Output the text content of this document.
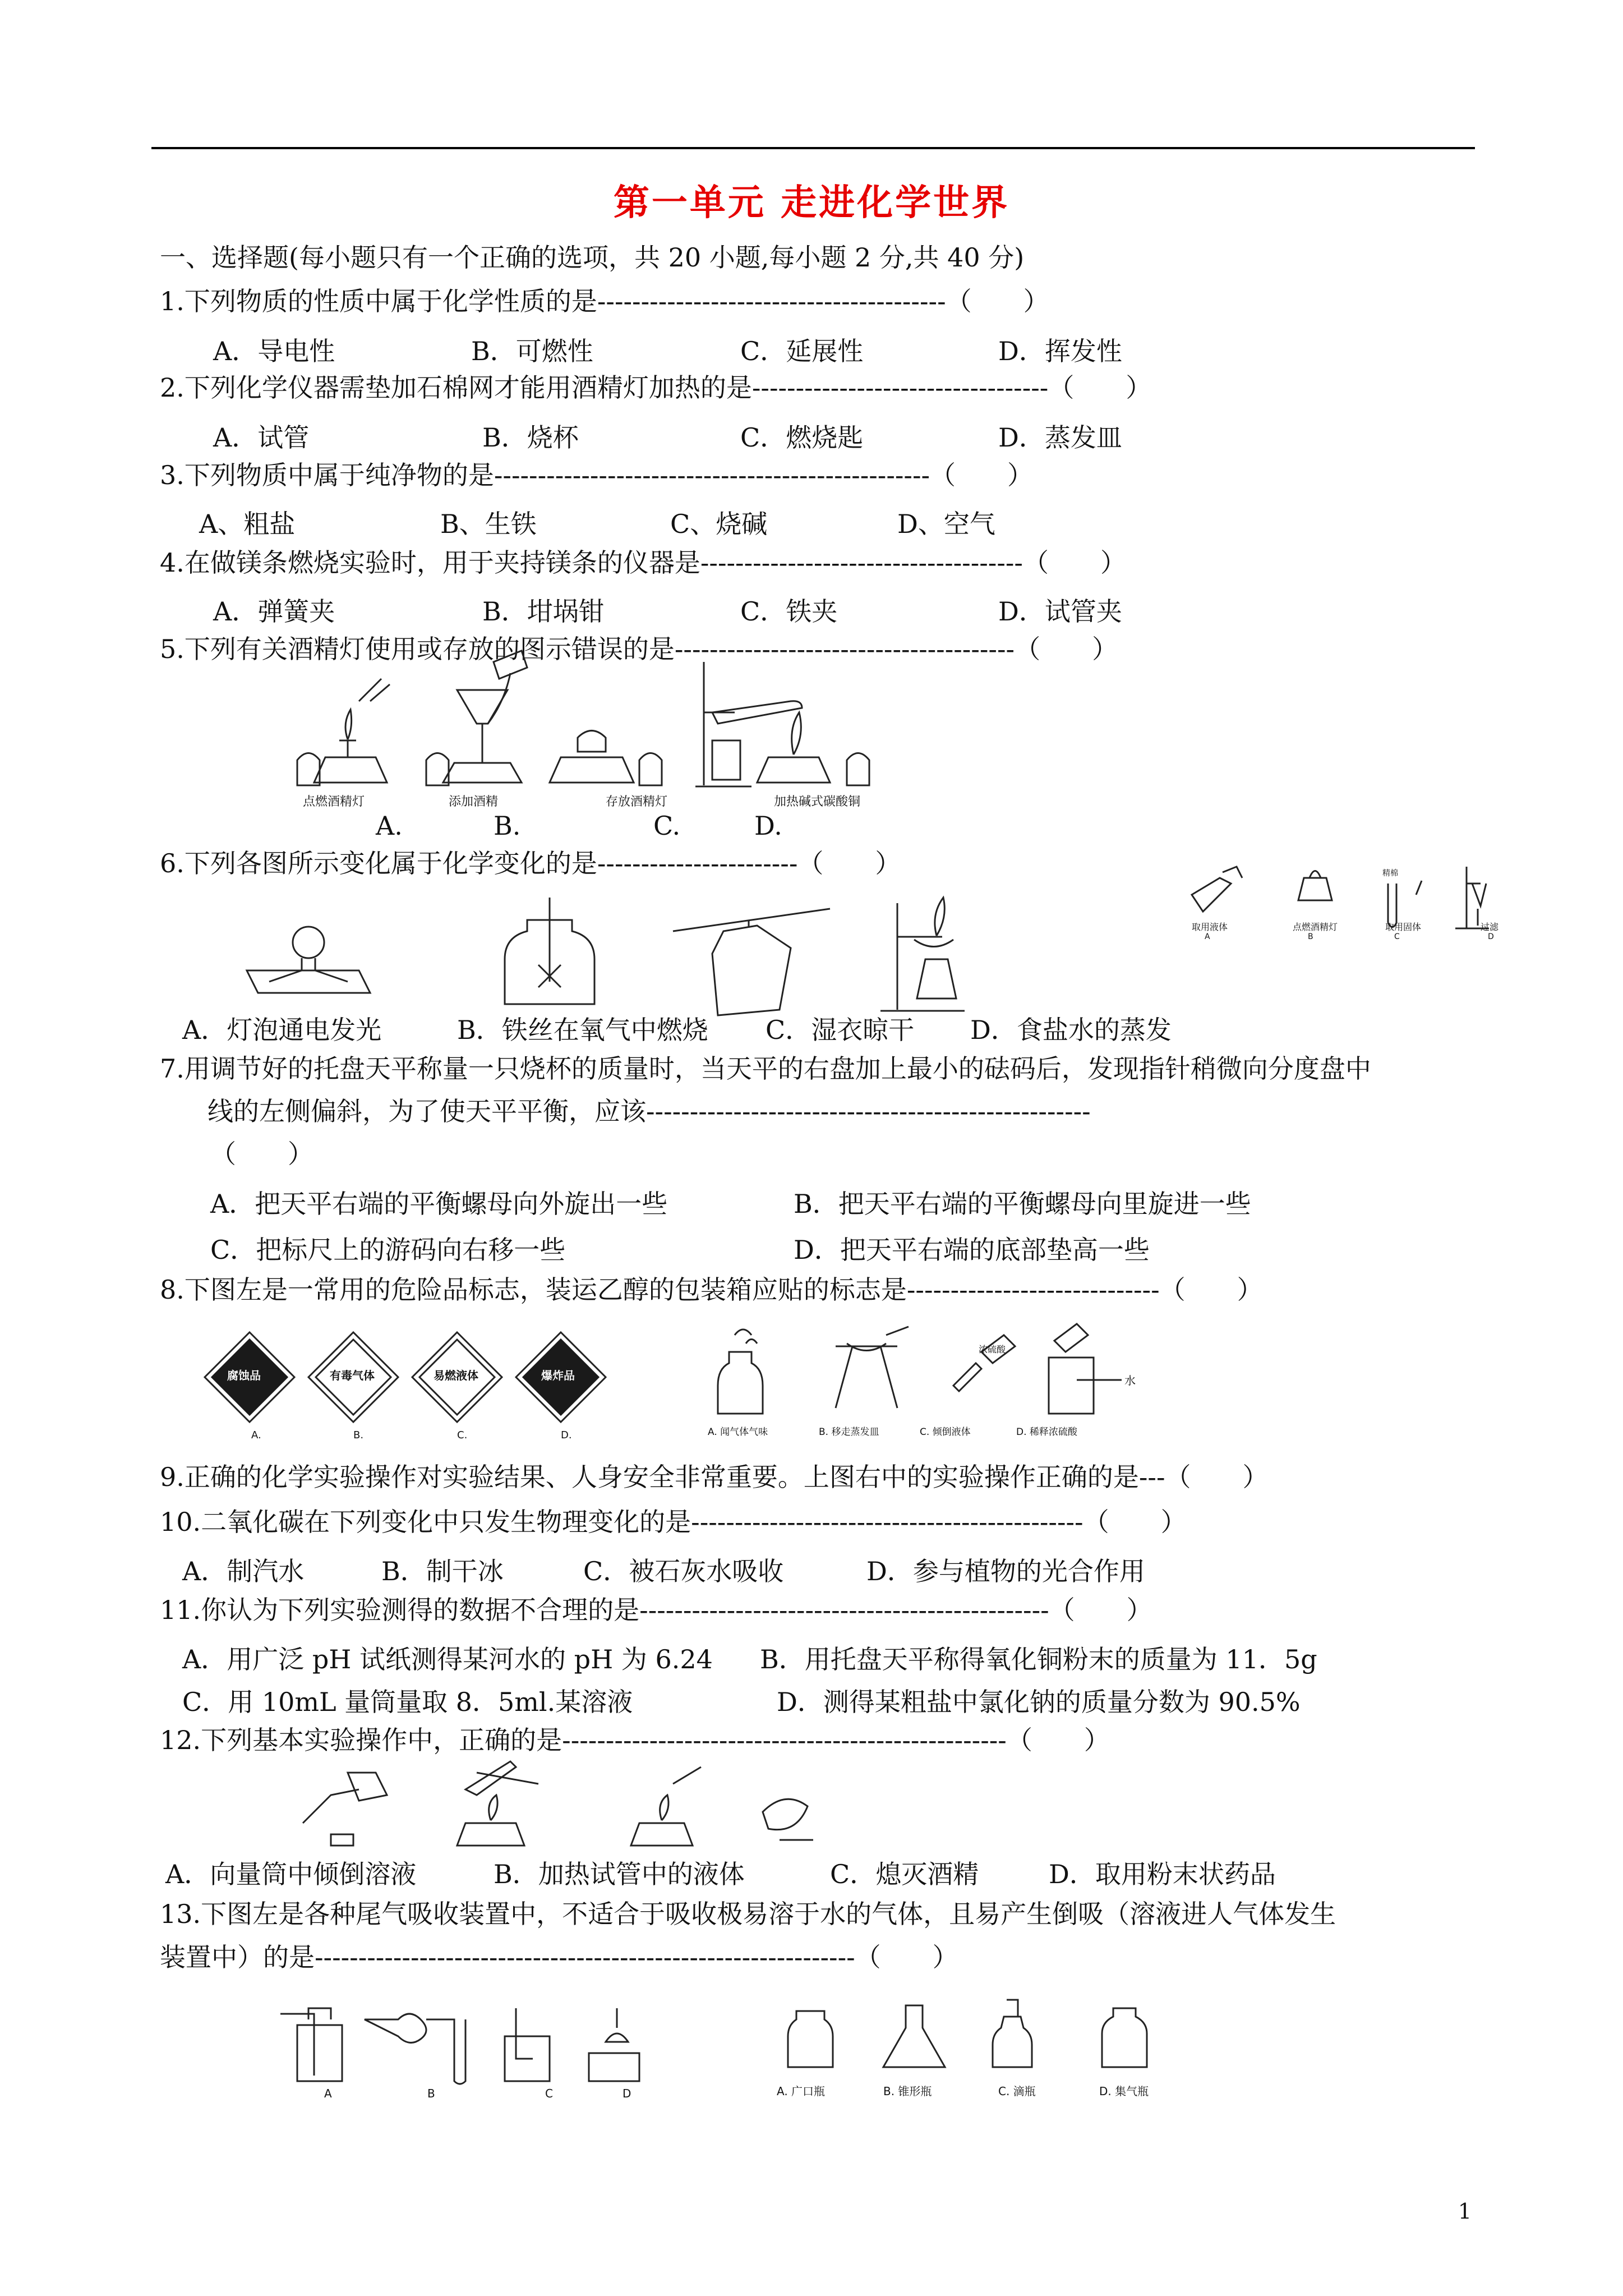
第一单元 走进化学世界
一、选择题(每小题只有一个正确的选项，共 20 小题,每小题 2 分,共 40 分)
1.下列物质的性质中属于化学性质的是----------------------------------------（　　）
A．导电性	B．可燃性	C．延展性	D．挥发性
2.下列化学仪器需垫加石棉网才能用酒精灯加热的是----------------------------------（　　）
A．试管	B．烧杯	C．燃烧匙	D．蒸发皿
3.下列物质中属于纯净物的是--------------------------------------------------（　　）
A、粗盐	B、生铁	C、烧碱	D、空气
4.在做镁条燃烧实验时，用于夹持镁条的仪器是-------------------------------------（　　）
A．弹簧夹	B．坩埚钳	C．铁夹	D．试管夹
5.下列有关酒精灯使用或存放的图示错误的是---------------------------------------（　　）
点燃酒精灯	添加酒精	存放酒精灯	加热碱式碳酸铜
A.	B.	C.	D.
6.下列各图所示变化属于化学变化的是-----------------------（　　）	精棉
取用液体	点燃酒精灯	取用固体	过滤
A	B	C	D
A．灯泡通电发光	B．铁丝在氧气中燃烧 C．湿衣晾干 D．食盐水的蒸发
7.用调节好的托盘天平称量一只烧杯的质量时，当天平的右盘加上最小的砝码后，发现指针稍微向分度盘中
线的左侧偏斜，为了使天平平衡，应该---------------------------------------------------
（　　）
A．把天平右端的平衡螺母向外旋出一些	B．把天平右端的平衡螺母向里旋进一些
C．把标尺上的游码向右移一些	D．把天平右端的底部垫高一些
8.下图左是一常用的危险品标志，装运乙醇的包装箱应贴的标志是-----------------------------（　　）
腐蚀品	有毒气体	易燃液体	爆炸品
A.	B.	C.	D.
浓硫酸
水
A. 闻气体气味	B. 移走蒸发皿	C. 倾倒液体	D. 稀释浓硫酸
9.正确的化学实验操作对实验结果、人身安全非常重要。上图右中的实验操作正确的是---（　　）
10.二氧化碳在下列变化中只发生物理变化的是---------------------------------------------（　　）
A．制汽水	B．制干冰	C．被石灰水吸收	D．参与植物的光合作用
11.你认为下列实验测得的数据不合理的是-----------------------------------------------（　　）
A．用广泛 pH 试纸测得某河水的 pH 为 6.24 B．用托盘天平称得氧化铜粉末的质量为 11．5g
C．用 10mL 量筒量取 8．5ml.某溶液	D．测得某粗盐中氯化钠的质量分数为 90.5%
12.下列基本实验操作中，正确的是---------------------------------------------------（　　）
A．向量筒中倾倒溶液	B．加热试管中的液体	C．熄灭酒精	D．取用粉末状药品
13.下图左是各种尾气吸收装置中，不适合于吸收极易溶于水的气体，且易产生倒吸（溶液进人气体发生
装置中）的是--------------------------------------------------------------（　　）
A	B	C	D	A. 广口瓶	B. 锥形瓶	C. 滴瓶	D. 集气瓶
1
